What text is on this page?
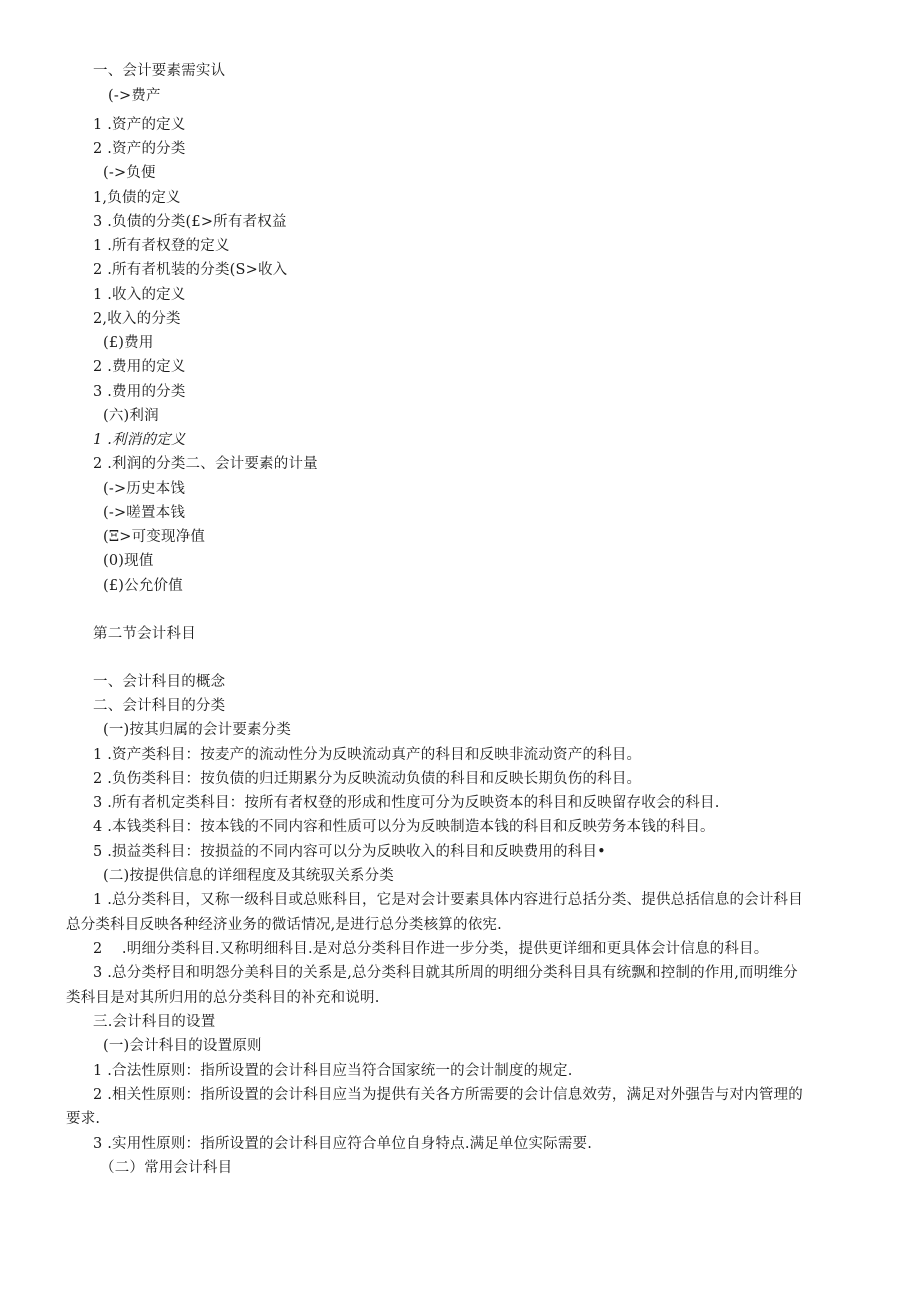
一、会计要素需实认

(->费产

1 .资产的定义

2 .资产的分类

(->负便

1,负债的定义

3 .负债的分类(£>所有者权益

1 .所有者权登的定义

2 .所有者机装的分类(S>收入

1 .收入的定义

2,收入的分类

(£)费用

2 .费用的定义

3 .费用的分类

(六)利润

1 .利消的定义

2 .利润的分类二、会计要素的计量

(->历史本饯

(->嗟置本钱

(Ξ>可变现净值

(0)现值

(£)公允价值

第二节会计科目

一、会计科目的概念

二、会计科目的分类

(一)按其归属的会计要素分类

1 .资产类科目：按麦产的流动性分为反映流动真产的科目和反映非流动资产的科目。

2 .负伤类科目：按负债的归迁期累分为反映流动负债的科目和反映长期负伤的科目。

3 .所有者机定类科目：按所有者权登的形成和性度可分为反映资本的科目和反映留存收会的科目.

4 .本钱类科目：按本钱的不同内容和性质可以分为反映制造本钱的科目和反映劳务本钱的科目。

5 .损益类科目：按损益的不同内容可以分为反映收入的科目和反映费用的科目•

(二)按提供信息的详细程度及其统驭关系分类

1 .总分类科目，又称一级科目或总账科目，它是对会计要素具体内容进行总括分类、提供总括信息的会计科目

总分类科目反映各种经济业务的微话情况,是进行总分类核算的依宪.

2 　.明细分类科目.又称明细科目.是对总分类科目作进一步分类，提供更详细和更具体会计信息的科目。

3 .总分类杼目和明怨分美科目的关系是,总分类科目就其所周的明细分类科目具有统飘和控制的作用,而明维分

类科目是对其所归用的总分类科目的补充和说明.

三.会计科目的设置

(一)会计科目的设置原则

1 .合法性原则：指所设置的会计科目应当符合国家统一的会计制度的规定.

2 .相关性原则：指所设置的会计科目应当为提供有关各方所需要的会计信息效劳，满足对外强告与对内管理的

要求.

3 .实用性原则：指所设置的会计科目应符合单位自身特点.满足单位实际需要.

（二）常用会计科目
